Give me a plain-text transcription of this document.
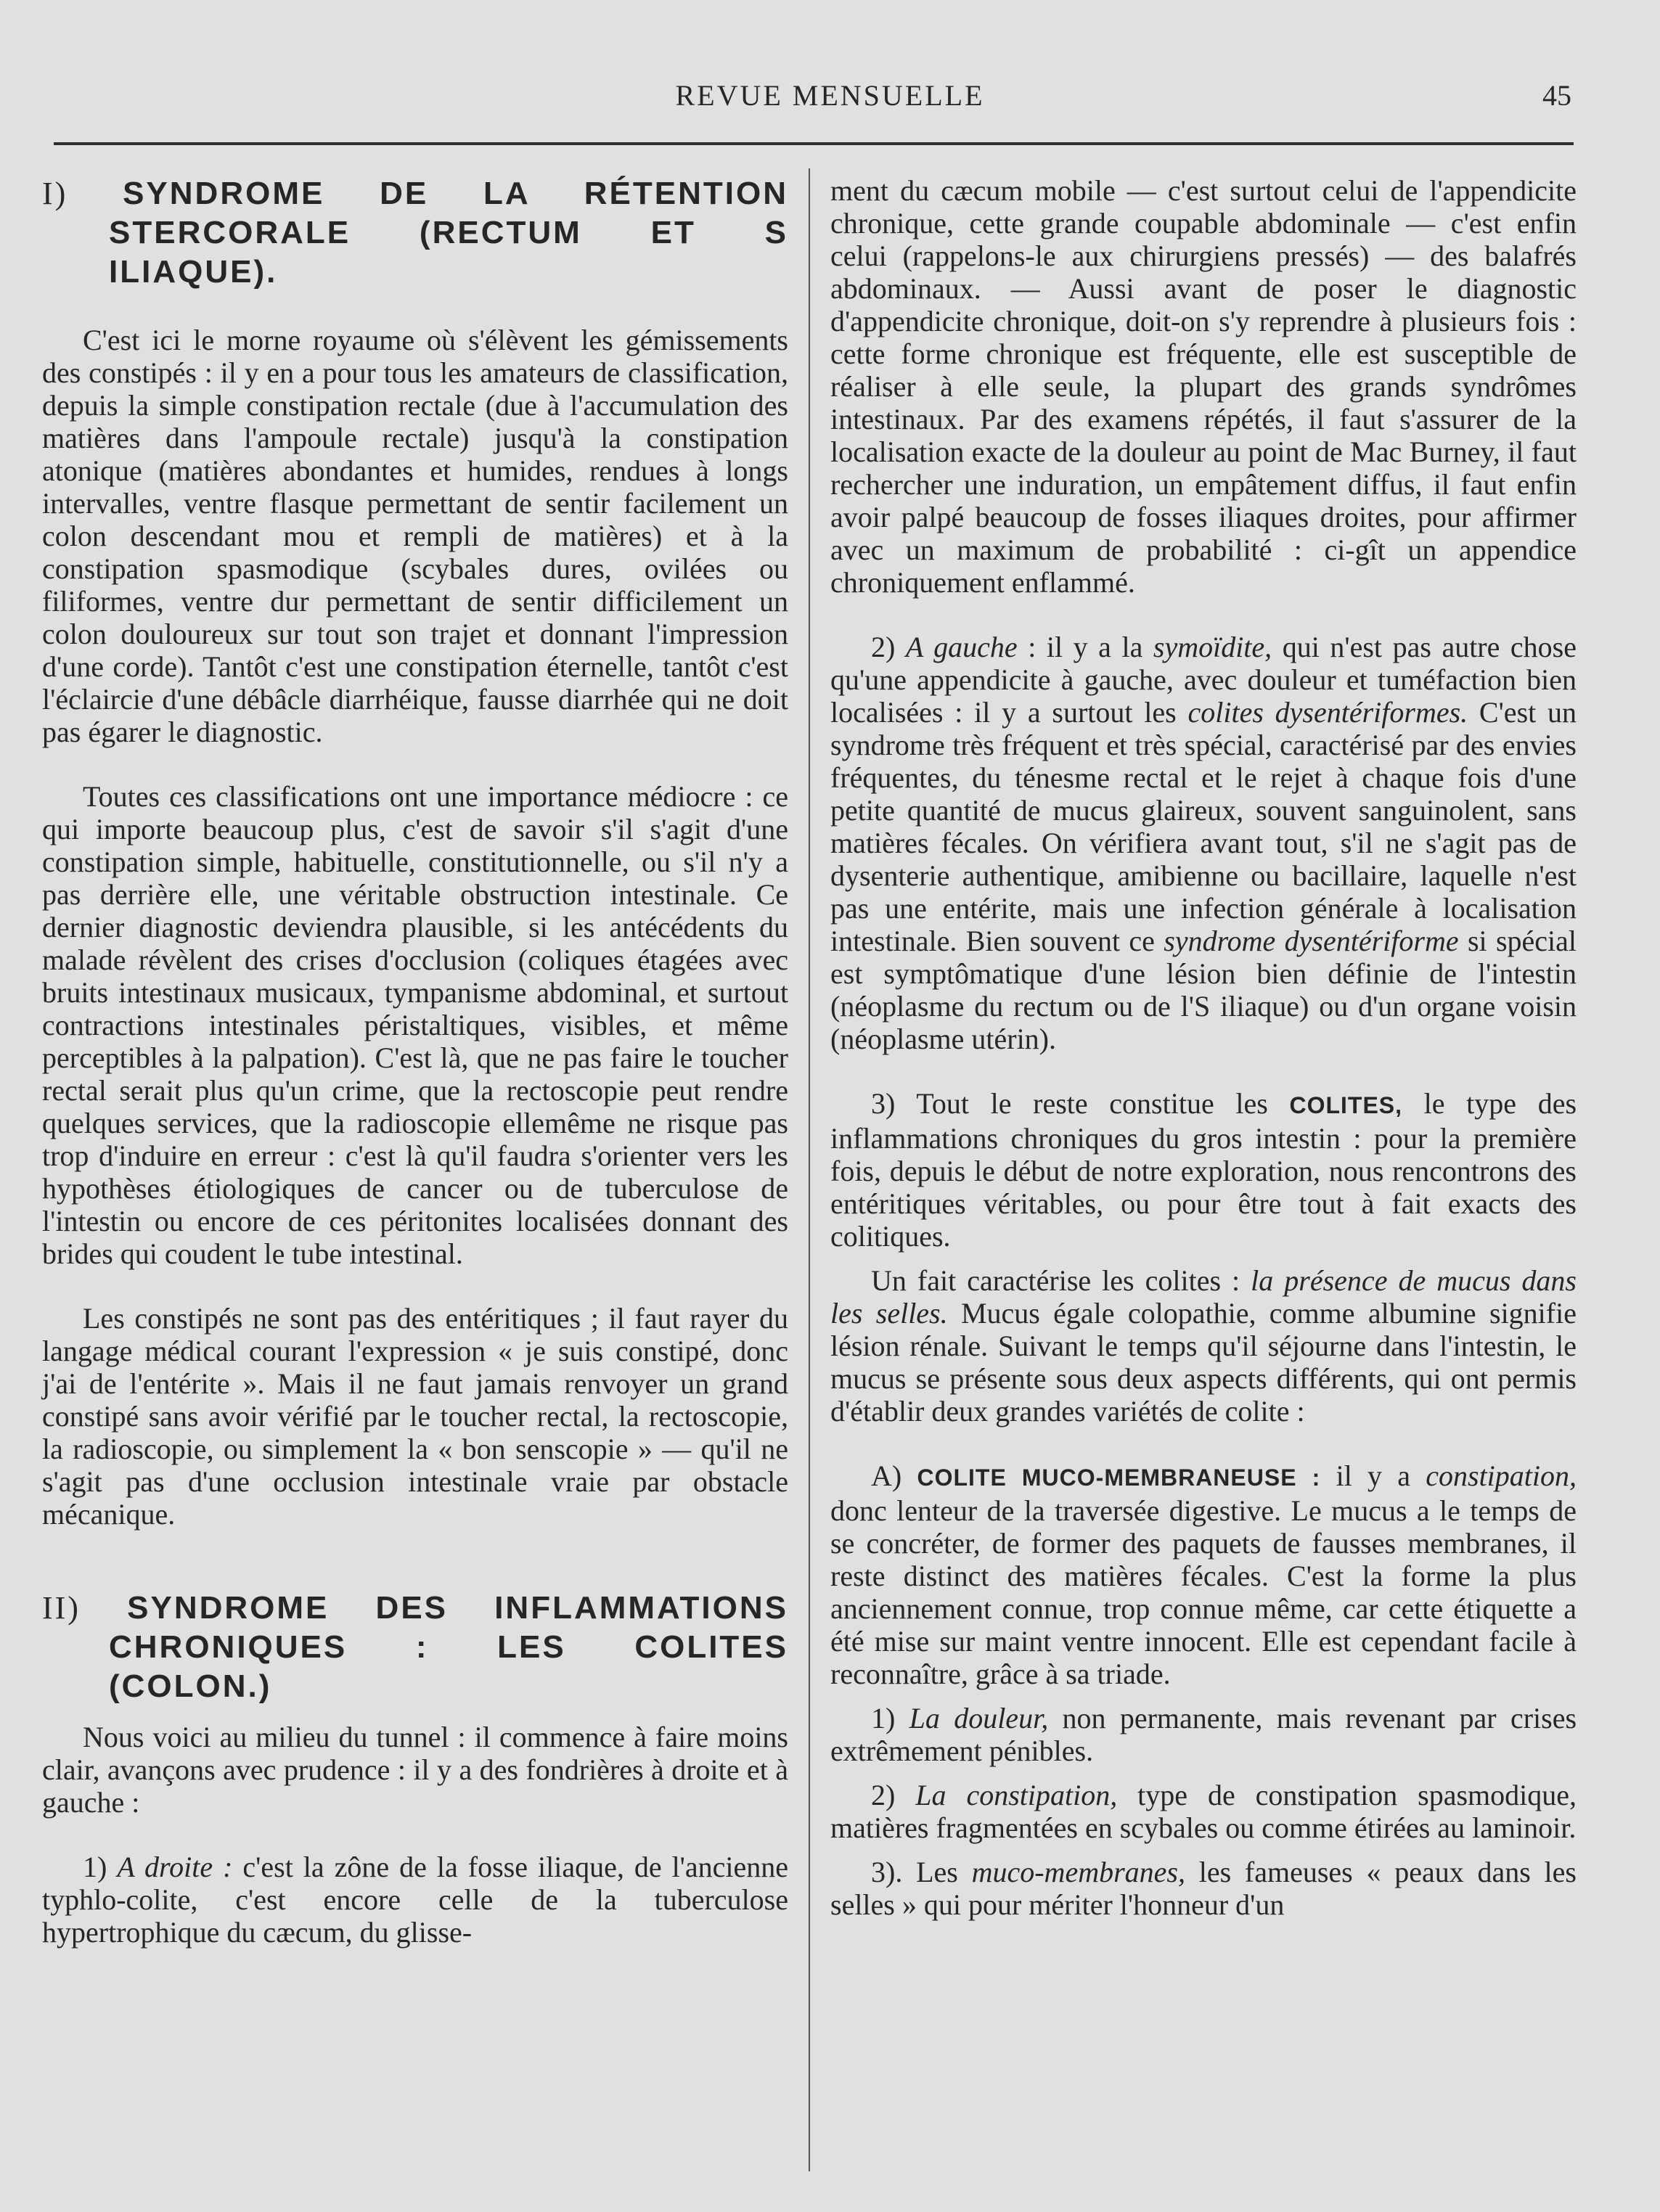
REVUE MENSUELLE	45
I) SYNDROME DE LA RÉTENTION STERCORALE (RECTUM ET S ILIAQUE).

C'est ici le morne royaume où s'élèvent les gémissements des constipés : il y en a pour tous les amateurs de classification, depuis la simple constipation rectale (due à l'accumulation des matières dans l'ampoule rectale) jusqu'à la constipation atonique (matières abondantes et humides, rendues à longs intervalles, ventre flasque permettant de sentir facilement un colon descendant mou et rempli de matières) et à la constipation spasmodique (scybales dures, ovilées ou filiformes, ventre dur permettant de sentir difficilement un colon douloureux sur tout son trajet et donnant l'impression d'une corde). Tantôt c'est une constipation éternelle, tantôt c'est l'éclaircie d'une débâcle diarrhéique, fausse diarrhée qui ne doit pas égarer le diagnostic.

Toutes ces classifications ont une importance médiocre : ce qui importe beaucoup plus, c'est de savoir s'il s'agit d'une constipation simple, habituelle, constitutionnelle, ou s'il n'y a pas derrière elle, une véritable obstruction intestinale. Ce dernier diagnostic deviendra plausible, si les antécédents du malade révèlent des crises d'occlusion (coliques étagées avec bruits intestinaux musicaux, tympanisme abdominal, et surtout contractions intestinales péristaltiques, visibles, et même perceptibles à la palpation). C'est là, que ne pas faire le toucher rectal serait plus qu'un crime, que la rectoscopie peut rendre quelques services, que la radioscopie ellemême ne risque pas trop d'induire en erreur : c'est là qu'il faudra s'orienter vers les hypothèses étiologiques de cancer ou de tuberculose de l'intestin ou encore de ces péritonites localisées donnant des brides qui coudent le tube intestinal.

Les constipés ne sont pas des entéritiques ; il faut rayer du langage médical courant l'expression « je suis constipé, donc j'ai de l'entérite ». Mais il ne faut jamais renvoyer un grand constipé sans avoir vérifié par le toucher rectal, la rectoscopie, la radioscopie, ou simplement la « bon senscopie » — qu'il ne s'agit pas d'une occlusion intestinale vraie par obstacle mécanique.

II) SYNDROME DES INFLAMMATIONS CHRONIQUES : LES COLITES (COLON.)

Nous voici au milieu du tunnel : il commence à faire moins clair, avançons avec prudence : il y a des fondrières à droite et à gauche :

1) A droite : c'est la zône de la fosse iliaque, de l'ancienne typhlo-colite, c'est encore celle de la tuberculose hypertrophique du cæcum, du glisse-

ment du cæcum mobile — c'est surtout celui de l'appendicite chronique, cette grande coupable abdominale — c'est enfin celui (rappelons-le aux chirurgiens pressés) — des balafrés abdominaux. — Aussi avant de poser le diagnostic d'appendicite chronique, doit-on s'y reprendre à plusieurs fois : cette forme chronique est fréquente, elle est susceptible de réaliser à elle seule, la plupart des grands syndrômes intestinaux. Par des examens répétés, il faut s'assurer de la localisation exacte de la douleur au point de Mac Burney, il faut rechercher une induration, un empâtement diffus, il faut enfin avoir palpé beaucoup de fosses iliaques droites, pour affirmer avec un maximum de probabilité : ci-gît un appendice chroniquement enflammé.

2) A gauche : il y a la symoïdite, qui n'est pas autre chose qu'une appendicite à gauche, avec douleur et tuméfaction bien localisées : il y a surtout les colites dysentériformes. C'est un syndrome très fréquent et très spécial, caractérisé par des envies fréquentes, du ténesme rectal et le rejet à chaque fois d'une petite quantité de mucus glaireux, souvent sanguinolent, sans matières fécales. On vérifiera avant tout, s'il ne s'agit pas de dysenterie authentique, amibienne ou bacillaire, laquelle n'est pas une entérite, mais une infection générale à localisation intestinale. Bien souvent ce syndrome dysentériforme si spécial est symptômatique d'une lésion bien définie de l'intestin (néoplasme du rectum ou de l'S iliaque) ou d'un organe voisin (néoplasme utérin).

3) Tout le reste constitue les COLITES, le type des inflammations chroniques du gros intestin : pour la première fois, depuis le début de notre exploration, nous rencontrons des entéritiques véritables, ou pour être tout à fait exacts des colitiques.

Un fait caractérise les colites : la présence de mucus dans les selles. Mucus égale colopathie, comme albumine signifie lésion rénale. Suivant le temps qu'il séjourne dans l'intestin, le mucus se présente sous deux aspects différents, qui ont permis d'établir deux grandes variétés de colite :

A) COLITE MUCO-MEMBRANEUSE : il y a constipation, donc lenteur de la traversée digestive. Le mucus a le temps de se concréter, de former des paquets de fausses membranes, il reste distinct des matières fécales. C'est la forme la plus anciennement connue, trop connue même, car cette étiquette a été mise sur maint ventre innocent. Elle est cependant facile à reconnaître, grâce à sa triade.

1) La douleur, non permanente, mais revenant par crises extrêmement pénibles.

2) La constipation, type de constipation spasmodique, matières fragmentées en scybales ou comme étirées au laminoir.

3). Les muco-membranes, les fameuses « peaux dans les selles » qui pour mériter l'honneur d'un
